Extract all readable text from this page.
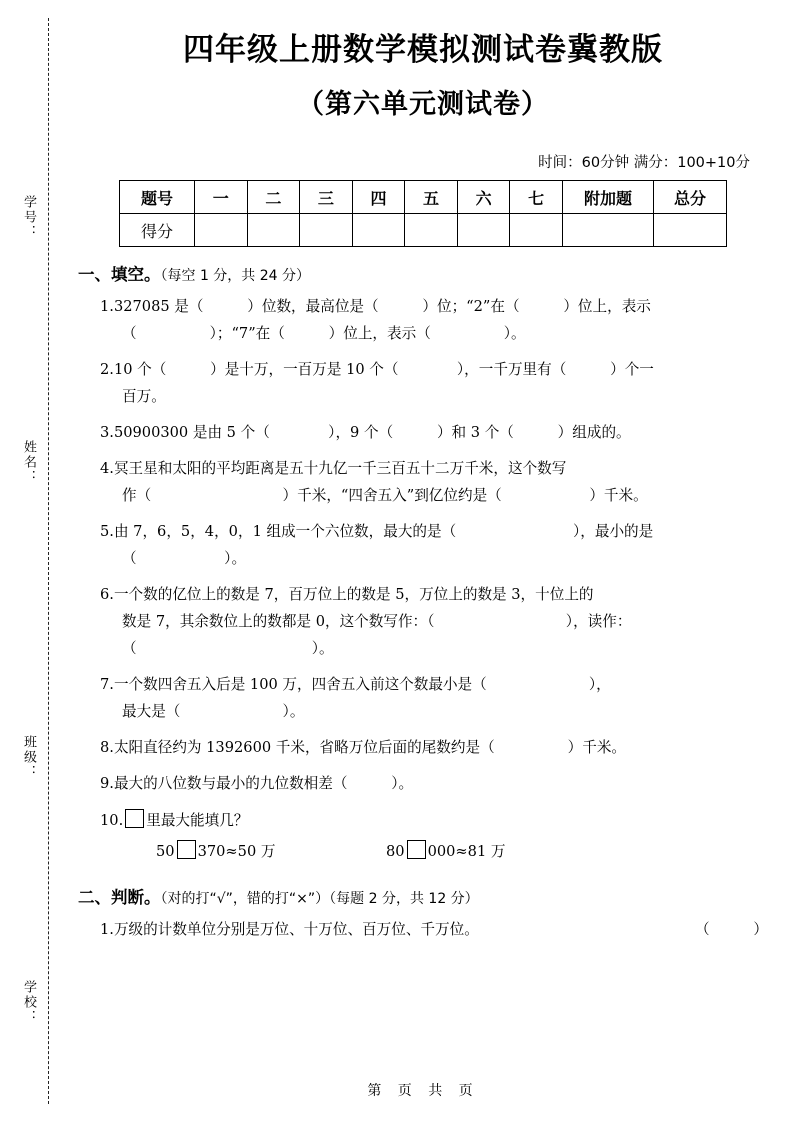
学号：
姓名：
班级：
学校：
四年级上册数学模拟测试卷冀教版
（第六单元测试卷）
时间：60分钟 满分：100+10分
题号	一	二	三	四	五	六	七	附加题	总分
得分									
一、填空。（每空 1 分，共 24 分）
1.327085 是（　　　）位数，最高位是（　　　）位；“2”在（　　　）位上，表示
（　　　　　）；“7”在（　　　）位上，表示（　　　　　）。
2.10 个（　　　）是十万，一百万是 10 个（　　　　），一千万里有（　　　）个一
百万。
3.50900300 是由 5 个（　　　　），9 个（　　　）和 3 个（　　　）组成的。
4.冥王星和太阳的平均距离是五十九亿一千三百五十二万千米，这个数写
作（　　　　　　　　　）千米，“四舍五入”到亿位约是（　　　　　　）千米。
5.由 7，6，5，4，0，1 组成一个六位数，最大的是（　　　　　　　　），最小的是
（　　　　　　）。
6.一个数的亿位上的数是 7，百万位上的数是 5，万位上的数是 3，十位上的
数是 7，其余数位上的数都是 0，这个数写作：（　　　　　　　　　），读作：
（　　　　　　　　　　　　）。
7.一个数四舍五入后是 100 万，四舍五入前这个数最小是（　　　　　　　），
最大是（　　　　　　　）。
8.太阳直径约为 1392600 千米，省略万位后面的尾数约是（　　　　　）千米。
9.最大的八位数与最小的九位数相差（　　　）。
10. 里最大能填几？
50 370≈50 万	80 000≈81 万
二、判断。（对的打“√”，错的打“×”）（每题 2 分，共 12 分）
1.万级的计数单位分别是万位、十万位、百万位、千万位。	（　　　）
第 页 共 页
